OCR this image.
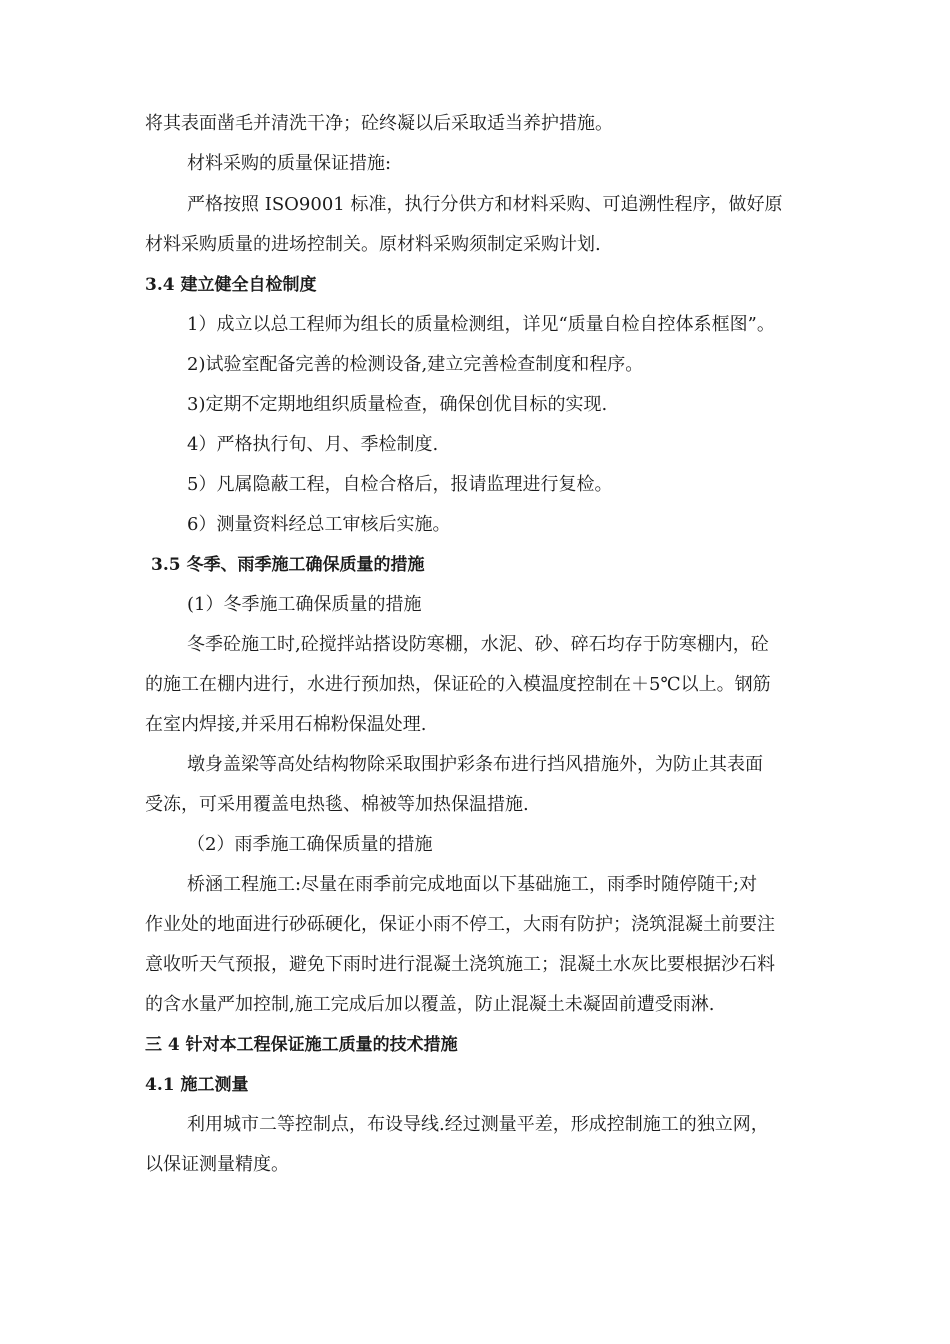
将其表面凿毛并清洗干净；砼终凝以后采取适当养护措施。
材料采购的质量保证措施:
严格按照 ISO9001 标准，执行分供方和材料采购、可追溯性程序，做好原
材料采购质量的进场控制关。原材料采购须制定采购计划.
3.4 建立健全自检制度
1）成立以总工程师为组长的质量检测组，详见“质量自检自控体系框图”。
2)试验室配备完善的检测设备,建立完善检查制度和程序。
3)定期不定期地组织质量检查，确保创优目标的实现.
4）严格执行旬、月、季检制度.
5）凡属隐蔽工程，自检合格后，报请监理进行复检。
6）测量资料经总工审核后实施。
3.5 冬季、雨季施工确保质量的措施
(1）冬季施工确保质量的措施
冬季砼施工时,砼搅拌站搭设防寒棚，水泥、砂、碎石均存于防寒棚内，砼
的施工在棚内进行，水进行预加热，保证砼的入模温度控制在＋5℃以上。钢筋
在室内焊接,并采用石棉粉保温处理.
墩身盖梁等高处结构物除采取围护彩条布进行挡风措施外，为防止其表面
受冻，可采用覆盖电热毯、棉被等加热保温措施.
（2）雨季施工确保质量的措施
桥涵工程施工:尽量在雨季前完成地面以下基础施工，雨季时随停随干;对
作业处的地面进行砂砾硬化，保证小雨不停工，大雨有防护；浇筑混凝土前要注
意收听天气预报，避免下雨时进行混凝土浇筑施工；混凝土水灰比要根据沙石料
的含水量严加控制,施工完成后加以覆盖，防止混凝土未凝固前遭受雨淋.
三 4 针对本工程保证施工质量的技术措施
4.1 施工测量
利用城市二等控制点，布设导线.经过测量平差，形成控制施工的独立网，
以保证测量精度。
